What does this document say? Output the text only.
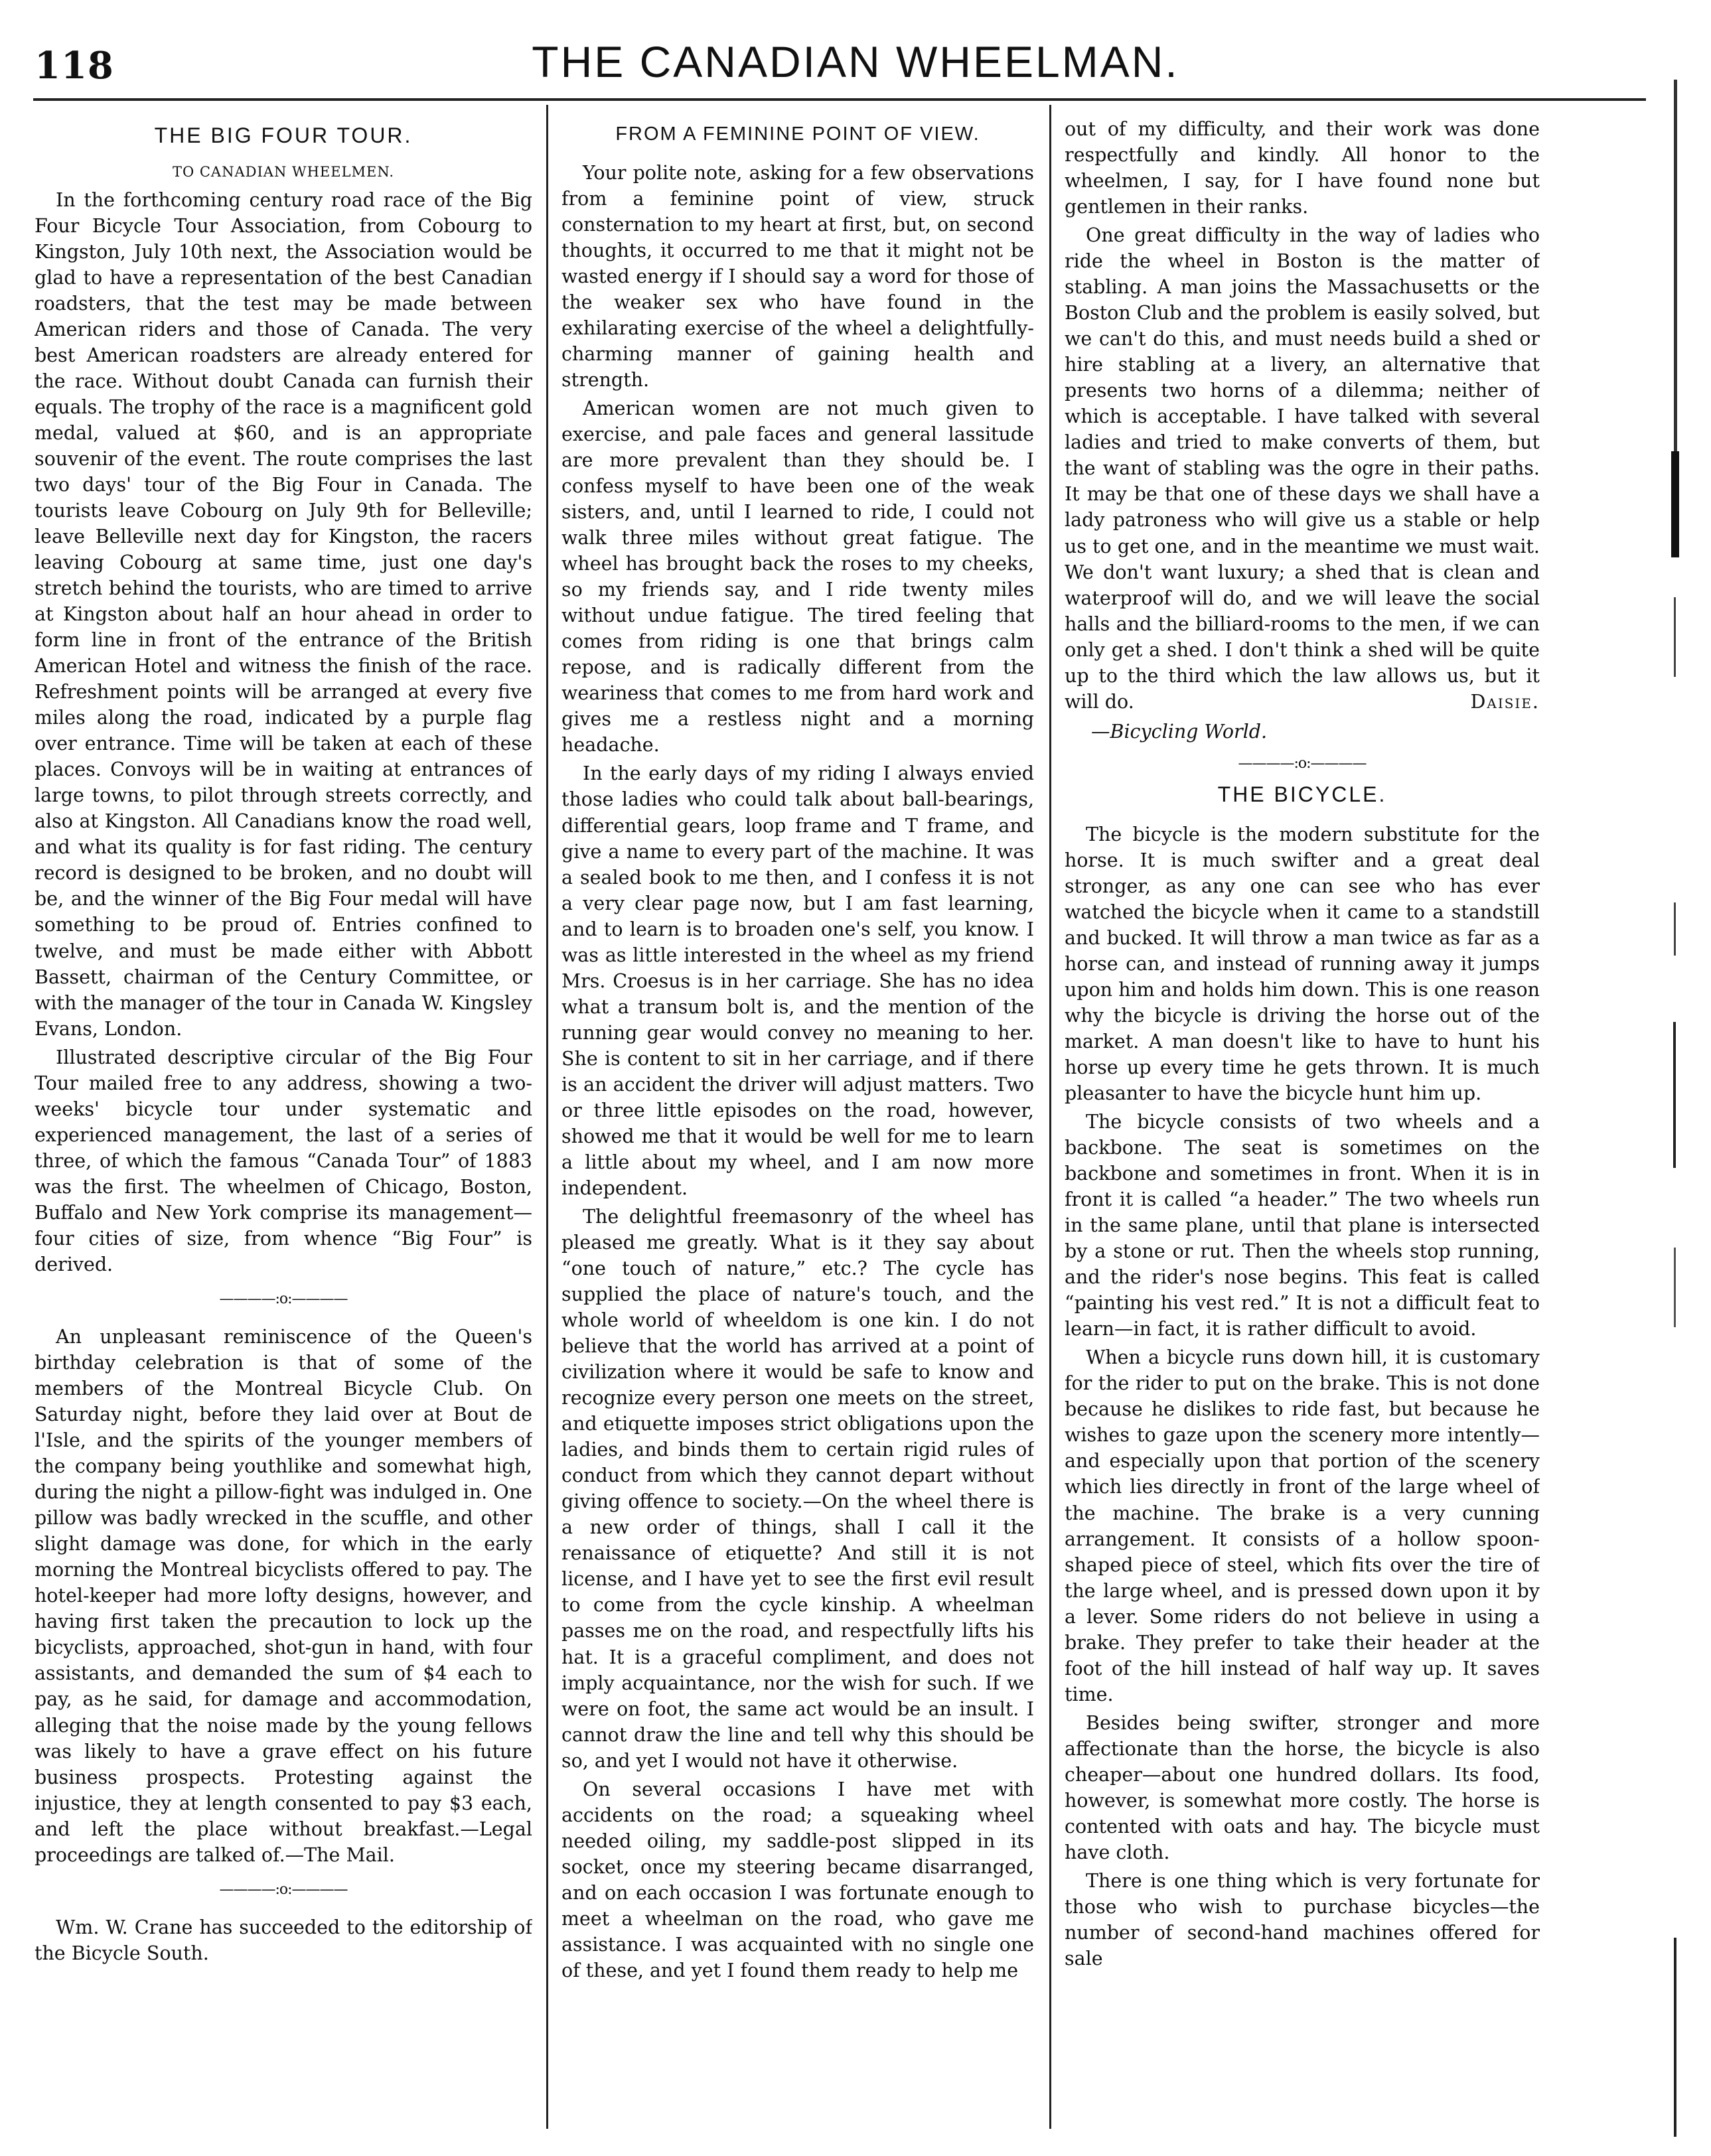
118	THE CANADIAN WHEELMAN.
THE BIG FOUR TOUR.
TO CANADIAN WHEELMEN.

In the forthcoming century road race of the Big Four Bicycle Tour Association, from Cobourg to Kingston, July 10th next, the Association would be glad to have a representation of the best Canadian roadsters, that the test may be made between American riders and those of Canada. The very best American roadsters are already entered for the race. Without doubt Canada can furnish their equals. The trophy of the race is a magnificent gold medal, valued at $60, and is an appropriate souvenir of the event. The route comprises the last two days' tour of the Big Four in Canada. The tourists leave Cobourg on July 9th for Belleville; leave Belleville next day for Kingston, the racers leaving Cobourg at same time, just one day's stretch behind the tourists, who are timed to arrive at Kingston about half an hour ahead in order to form line in front of the entrance of the British American Hotel and witness the finish of the race. Refreshment points will be arranged at every five miles along the road, indicated by a purple flag over entrance. Time will be taken at each of these places. Convoys will be in waiting at entrances of large towns, to pilot through streets correctly, and also at Kingston. All Canadians know the road well, and what its quality is for fast riding. The century record is designed to be broken, and no doubt will be, and the winner of the Big Four medal will have something to be proud of. Entries confined to twelve, and must be made either with Abbott Bassett, chairman of the Century Committee, or with the manager of the tour in Canada W. Kingsley Evans, London.

Illustrated descriptive circular of the Big Four Tour mailed free to any address, showing a two-weeks' bicycle tour under systematic and experienced management, the last of a series of three, of which the famous “Canada Tour” of 1883 was the first. The wheelmen of Chicago, Boston, Buffalo and New York comprise its management—four cities of size, from whence “Big Four” is derived.

————:o:————

An unpleasant reminiscence of the Queen's birthday celebration is that of some of the members of the Montreal Bicycle Club. On Saturday night, before they laid over at Bout de l'Isle, and the spirits of the younger members of the company being youthlike and somewhat high, during the night a pillow-fight was indulged in. One pillow was badly wrecked in the scuffle, and other slight damage was done, for which in the early morning the Montreal bicyclists offered to pay. The hotel-keeper had more lofty designs, however, and having first taken the precaution to lock up the bicyclists, approached, shot-gun in hand, with four assistants, and demanded the sum of $4 each to pay, as he said, for damage and accommodation, alleging that the noise made by the young fellows was likely to have a grave effect on his future business prospects. Protesting against the injustice, they at length consented to pay $3 each, and left the place without breakfast.—Legal proceedings are talked of.—The Mail.

————:o:————

Wm. W. Crane has succeeded to the editorship of the Bicycle South.

FROM A FEMININE POINT OF VIEW.

Your polite note, asking for a few observations from a feminine point of view, struck consternation to my heart at first, but, on second thoughts, it occurred to me that it might not be wasted energy if I should say a word for those of the weaker sex who have found in the exhilarating exercise of the wheel a delightfully-charming manner of gaining health and strength.

American women are not much given to exercise, and pale faces and general lassitude are more prevalent than they should be. I confess myself to have been one of the weak sisters, and, until I learned to ride, I could not walk three miles without great fatigue. The wheel has brought back the roses to my cheeks, so my friends say, and I ride twenty miles without undue fatigue. The tired feeling that comes from riding is one that brings calm repose, and is radically different from the weariness that comes to me from hard work and gives me a restless night and a morning headache.

In the early days of my riding I always envied those ladies who could talk about ball-bearings, differential gears, loop frame and T frame, and give a name to every part of the machine. It was a sealed book to me then, and I confess it is not a very clear page now, but I am fast learning, and to learn is to broaden one's self, you know. I was as little interested in the wheel as my friend Mrs. Croesus is in her carriage. She has no idea what a transum bolt is, and the mention of the running gear would convey no meaning to her. She is content to sit in her carriage, and if there is an accident the driver will adjust matters. Two or three little episodes on the road, however, showed me that it would be well for me to learn a little about my wheel, and I am now more independent.

The delightful freemasonry of the wheel has pleased me greatly. What is it they say about “one touch of nature,” etc.? The cycle has supplied the place of nature's touch, and the whole world of wheeldom is one kin. I do not believe that the world has arrived at a point of civilization where it would be safe to know and recognize every person one meets on the street, and etiquette imposes strict obligations upon the ladies, and binds them to certain rigid rules of conduct from which they cannot depart without giving offence to society.—On the wheel there is a new order of things, shall I call it the renaissance of etiquette? And still it is not license, and I have yet to see the first evil result to come from the cycle kinship. A wheelman passes me on the road, and respectfully lifts his hat. It is a graceful compliment, and does not imply acquaintance, nor the wish for such. If we were on foot, the same act would be an insult. I cannot draw the line and tell why this should be so, and yet I would not have it otherwise.

On several occasions I have met with accidents on the road; a squeaking wheel needed oiling, my saddle-post slipped in its socket, once my steering became disarranged, and on each occasion I was fortunate enough to meet a wheelman on the road, who gave me assistance. I was acquainted with no single one of these, and yet I found them ready to help me

out of my difficulty, and their work was done respectfully and kindly. All honor to the wheelmen, I say, for I have found none but gentlemen in their ranks.

One great difficulty in the way of ladies who ride the wheel in Boston is the matter of stabling. A man joins the Massachusetts or the Boston Club and the problem is easily solved, but we can't do this, and must needs build a shed or hire stabling at a livery, an alternative that presents two horns of a dilemma; neither of which is acceptable. I have talked with several ladies and tried to make converts of them, but the want of stabling was the ogre in their paths. It may be that one of these days we shall have a lady patroness who will give us a stable or help us to get one, and in the meantime we must wait. We don't want luxury; a shed that is clean and waterproof will do, and we will leave the social halls and the billiard-rooms to the men, if we can only get a shed. I don't think a shed will be quite up to the third which the law allows us, but it will do.	Daisie.

—Bicycling World.
————:o:————
THE BICYCLE.

The bicycle is the modern substitute for the horse. It is much swifter and a great deal stronger, as any one can see who has ever watched the bicycle when it came to a standstill and bucked. It will throw a man twice as far as a horse can, and instead of running away it jumps upon him and holds him down. This is one reason why the bicycle is driving the horse out of the market. A man doesn't like to have to hunt his horse up every time he gets thrown. It is much pleasanter to have the bicycle hunt him up.

The bicycle consists of two wheels and a backbone. The seat is sometimes on the backbone and sometimes in front. When it is in front it is called “a header.” The two wheels run in the same plane, until that plane is intersected by a stone or rut. Then the wheels stop running, and the rider's nose begins. This feat is called “painting his vest red.” It is not a difficult feat to learn—in fact, it is rather difficult to avoid.

When a bicycle runs down hill, it is customary for the rider to put on the brake. This is not done because he dislikes to ride fast, but because he wishes to gaze upon the scenery more intently—and especially upon that portion of the scenery which lies directly in front of the large wheel of the machine. The brake is a very cunning arrangement. It consists of a hollow spoon-shaped piece of steel, which fits over the tire of the large wheel, and is pressed down upon it by a lever. Some riders do not believe in using a brake. They prefer to take their header at the foot of the hill instead of half way up. It saves time.

Besides being swifter, stronger and more affectionate than the horse, the bicycle is also cheaper—about one hundred dollars. Its food, however, is somewhat more costly. The horse is contented with oats and hay. The bicycle must have cloth.

There is one thing which is very fortunate for those who wish to purchase bicycles—the number of second-hand machines offered for sale
